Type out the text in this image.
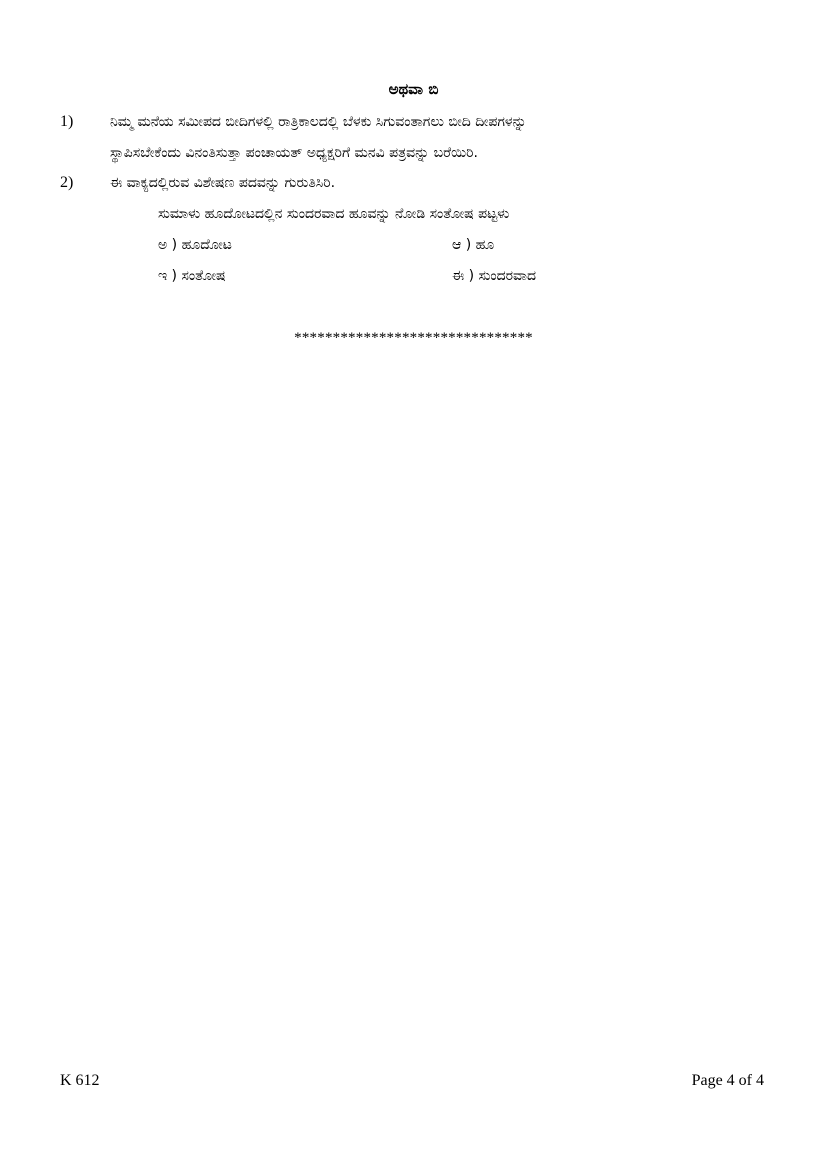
ಅಥವಾ ಬಿ
1)	ನಿಮ್ಮ ಮನೆಯ ಸಮೀಪದ ಬೀದಿಗಳಲ್ಲಿ ರಾತ್ರಿಕಾಲದಲ್ಲಿ ಬೆಳಕು ಸಿಗುವಂತಾಗಲು ಬೀದಿ ದೀಪಗಳನ್ನು
ಸ್ಥಾಪಿಸಬೇಕೆಂದು ವಿನಂತಿಸುತ್ತಾ ಪಂಚಾಯತ್ ಅಧ್ಯಕ್ಷರಿಗೆ ಮನವಿ ಪತ್ರವನ್ನು ಬರೆಯಿರಿ.
2)	ಈ ವಾಕ್ಯದಲ್ಲಿರುವ ವಿಶೇಷಣ ಪದವನ್ನು ಗುರುತಿಸಿರಿ.
ಸುಮಾಳು ಹೂದೋಟದಲ್ಲಿನ ಸುಂದರವಾದ ಹೂವನ್ನು ನೋಡಿ ಸಂತೋಷ ಪಟ್ಟಳು
ಅ ) ಹೂದೋಟ	ಆ ) ಹೂ
ಇ ) ಸಂತೋಷ	ಈ ) ಸುಂದರವಾದ
*******************************
K 612	Page 4 of 4
